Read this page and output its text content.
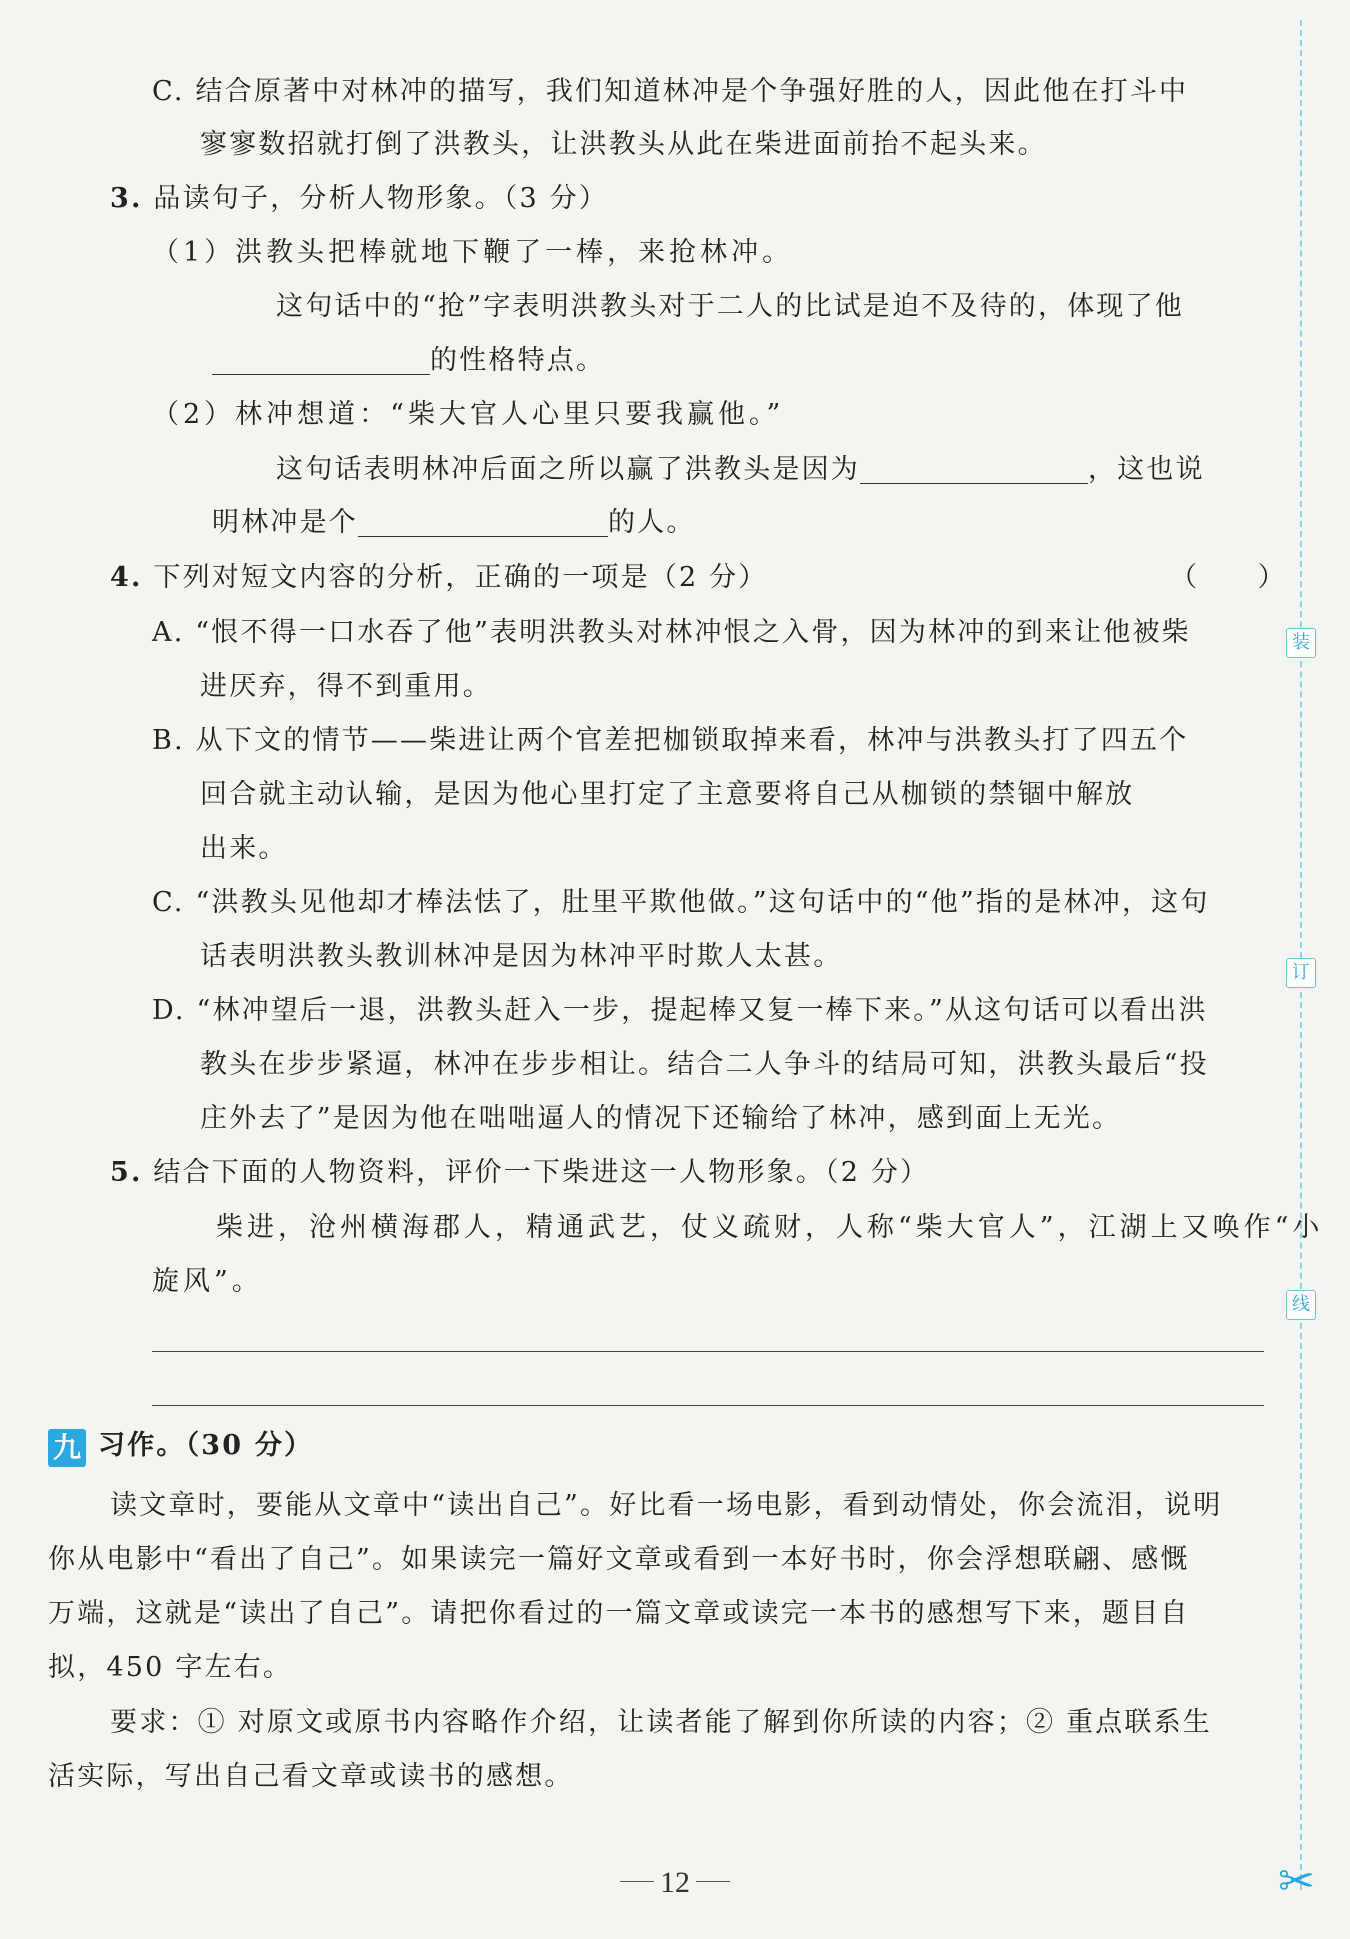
C. 结合原著中对林冲的描写，我们知道林冲是个争强好胜的人，因此他在打斗中
寥寥数招就打倒了洪教头，让洪教头从此在柴进面前抬不起头来。
3. 品读句子，分析人物形象。（3 分）
（1）洪教头把棒就地下鞭了一棒，来抢林冲。
这句话中的“抢”字表明洪教头对于二人的比试是迫不及待的，体现了他
的性格特点。
（2）林冲想道：“柴大官人心里只要我赢他。”
这句话表明林冲后面之所以赢了洪教头是因为	，这也说
明林冲是个	的人。
4. 下列对短文内容的分析，正确的一项是（2 分）	（　　）
A. “恨不得一口水吞了他”表明洪教头对林冲恨之入骨，因为林冲的到来让他被柴
进厌弃，得不到重用。
B. 从下文的情节——柴进让两个官差把枷锁取掉来看，林冲与洪教头打了四五个
回合就主动认输，是因为他心里打定了主意要将自己从枷锁的禁锢中解放
出来。
C. “洪教头见他却才棒法怯了，肚里平欺他做。”这句话中的“他”指的是林冲，这句
话表明洪教头教训林冲是因为林冲平时欺人太甚。
D. “林冲望后一退，洪教头赶入一步，提起棒又复一棒下来。”从这句话可以看出洪
教头在步步紧逼，林冲在步步相让。结合二人争斗的结局可知，洪教头最后“投
庄外去了”是因为他在咄咄逼人的情况下还输给了林冲，感到面上无光。
5. 结合下面的人物资料，评价一下柴进这一人物形象。（2 分）
柴进，沧州横海郡人，精通武艺，仗义疏财，人称“柴大官人”，江湖上又唤作“小
旋风”。
九 习作。（30 分）
读文章时，要能从文章中“读出自己”。好比看一场电影，看到动情处，你会流泪，说明
你从电影中“看出了自己”。如果读完一篇好文章或看到一本好书时，你会浮想联翩、感慨
万端，这就是“读出了自己”。请把你看过的一篇文章或读完一本书的感想写下来，题目自
拟，450 字左右。
要求：① 对原文或原书内容略作介绍，让读者能了解到你所读的内容；② 重点联系生
活实际，写出自己看文章或读书的感想。
装
订
线
✂
12
